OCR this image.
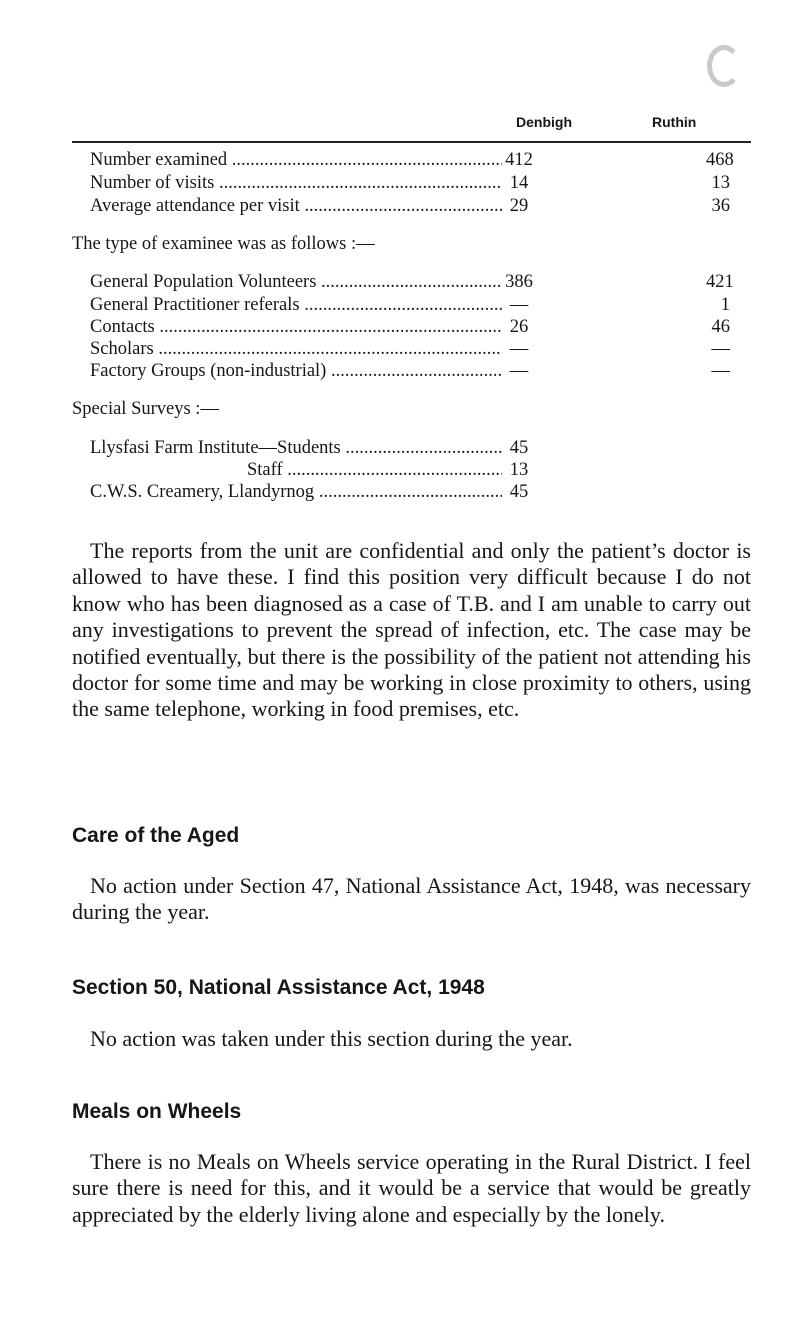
Denbigh	Ruthin
Number examined .....	412	468
Number of visits .....	14	13
Average attendance per visit .....	29	36
The type of examinee was as follows :—
General Population Volunteers .....	386	421
General Practitioner referals .....	—	1
Contacts .....	26	46
Scholars .....	—	—
Factory Groups (non-industrial) .....	—	—
Special Surveys :—
Llysfasi Farm Institute—Students .....	45
Staff .....	13
C.W.S. Creamery, Llandyrnog .....	45

The reports from the unit are confidential and only the patient’s doctor is allowed to have these. I find this position very difficult because I do not know who has been diagnosed as a case of T.B. and I am unable to carry out any investigations to prevent the spread of infection, etc. The case may be notified eventually, but there is the possibility of the patient not attending his doctor for some time and may be working in close proximity to others, using the same telephone, working in food premises, etc.

Care of the Aged

No action under Section 47, National Assistance Act, 1948, was necessary during the year.

Section 50, National Assistance Act, 1948

No action was taken under this section during the year.

Meals on Wheels

There is no Meals on Wheels service operating in the Rural District. I feel sure there is need for this, and it would be a service that would be greatly appreciated by the elderly living alone and especially by the lonely.
